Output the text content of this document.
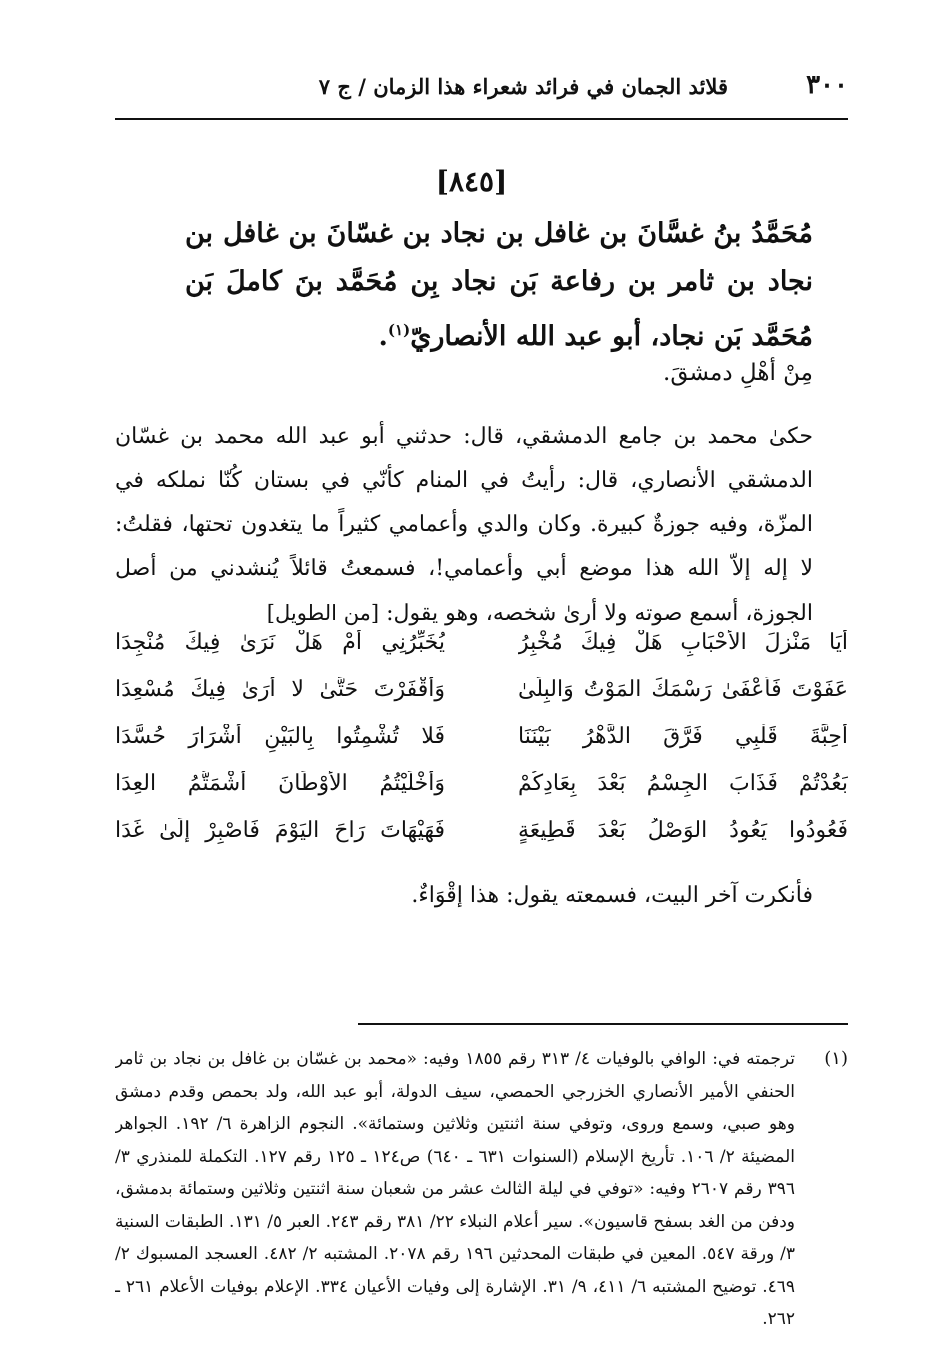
٣٠٠
قلائد الجمان في فرائد شعراء هذا الزمان / ج ٧
[٨٤٥]
مُحَمَّدُ بنُ غسَّانَ بن غافل بن نجاد بن غسّانَ بن غافل بن نجاد بن ثامر بن رفاعة بَن نجاد بِن مُحَمَّد بنَ كاملَ بَن مُحَمَّد بَن نجاد، أبو عبد الله الأنصاريّ$^{(١)}$.
مِنْ أهْلِ دمشقَ.
حكىٰ محمد بن جامع الدمشقي، قال: حدثني أبو عبد الله محمد بن غسّان الدمشقي الأنصاري، قال: رأيتُ في المنام كأنّي في بستان كُنّا نملكه في المزّة، وفيه جوزةٌ كبيرة. وكان والدي وأعمامي كثيراً ما يتغدون تحتها، فقلتُ: لا إله إلاّ الله هذا موضع أبي وأعمامي!، فسمعتُ قائلاً يُنشدني من أصل الجوزة، أسمع صوته ولا أرىٰ شخصه، وهو يقول: [من الطويل]
أيَا مَنْزلَ الأحْبَابِ هَلْ فِيكَ مُخْبِرُ
يُخَبِّرُنِي أمْ هَلْ نَرَىٰ فِيكَ مُنْجِدَا
عَفَوْتَ فَأعْفَىٰ رَسْمَكَ المَوْتُ وَالبِلَىٰ
وَأقْفَرْتَ حَتَّىٰ لا أرَىٰ فِيكَ مُسْعِدَا
أحِبَّةَ قَلْبِي فَرَّقَ الدَّهْرُ بَيْنَنَا
فَلا تُشْمِتُوا بِالبَيْنِ أشْرَارَ حُسَّدَا
بَعُدْتُمْ فَذَابَ الجِسْمُ بَعْدَ بِعَادِكُمْ
وَأخْلَيْتُمُ الأوْطَانَ أشْمَتُّمُ العِدَا
فَعُودُوا يَعُودُ الوَصْلُ بَعْدَ قَطِيعَةٍ
فَهَيْهَاتَ رَاحَ اليَوْمَ فَاصْبِرْ إلَىٰ غَدَا
فأنكرت آخر البيت، فسمعته يقول: هذا إقْوَاءٌ.
(١)
ترجمته في: الوافي بالوفيات ٤/ ٣١٣ رقم ١٨٥٥ وفيه: «محمد بن غسّان بن غافل بن نجاد بن ثامر الحنفي الأمير الأنصاري الخزرجي الحمصي، سيف الدولة، أبو عبد الله، ولد بحمص وقدم دمشق وهو صبي، وسمع وروى، وتوفي سنة اثنتين وثلاثين وستمائة». النجوم الزاهرة ٦/ ١٩٢. الجواهر المضيئة ٢/ ١٠٦. تأريخ الإسلام (السنوات ٦٣١ ـ ٦٤٠) ص١٢٤ ـ ١٢٥ رقم ١٢٧. التكملة للمنذري ٣/ ٣٩٦ رقم ٢٦٠٧ وفيه: «توفي في ليلة الثالث عشر من شعبان سنة اثنتين وثلاثين وستمائة بدمشق، ودفن من الغد بسفح قاسيون». سير أعلام النبلاء ٢٢/ ٣٨١ رقم ٢٤٣. العبر ٥/ ١٣١. الطبقات السنية ٣/ ورقة ٥٤٧. المعين في طبقات المحدثين ١٩٦ رقم ٢٠٧٨. المشتبه ٢/ ٤٨٢. العسجد المسبوك ٢/ ٤٦٩. توضيح المشتبه ٦/ ٤١١، ٩/ ٣١. الإشارة إلى وفيات الأعيان ٣٣٤. الإعلام بوفيات الأعلام ٢٦١ ـ ٢٦٢.
